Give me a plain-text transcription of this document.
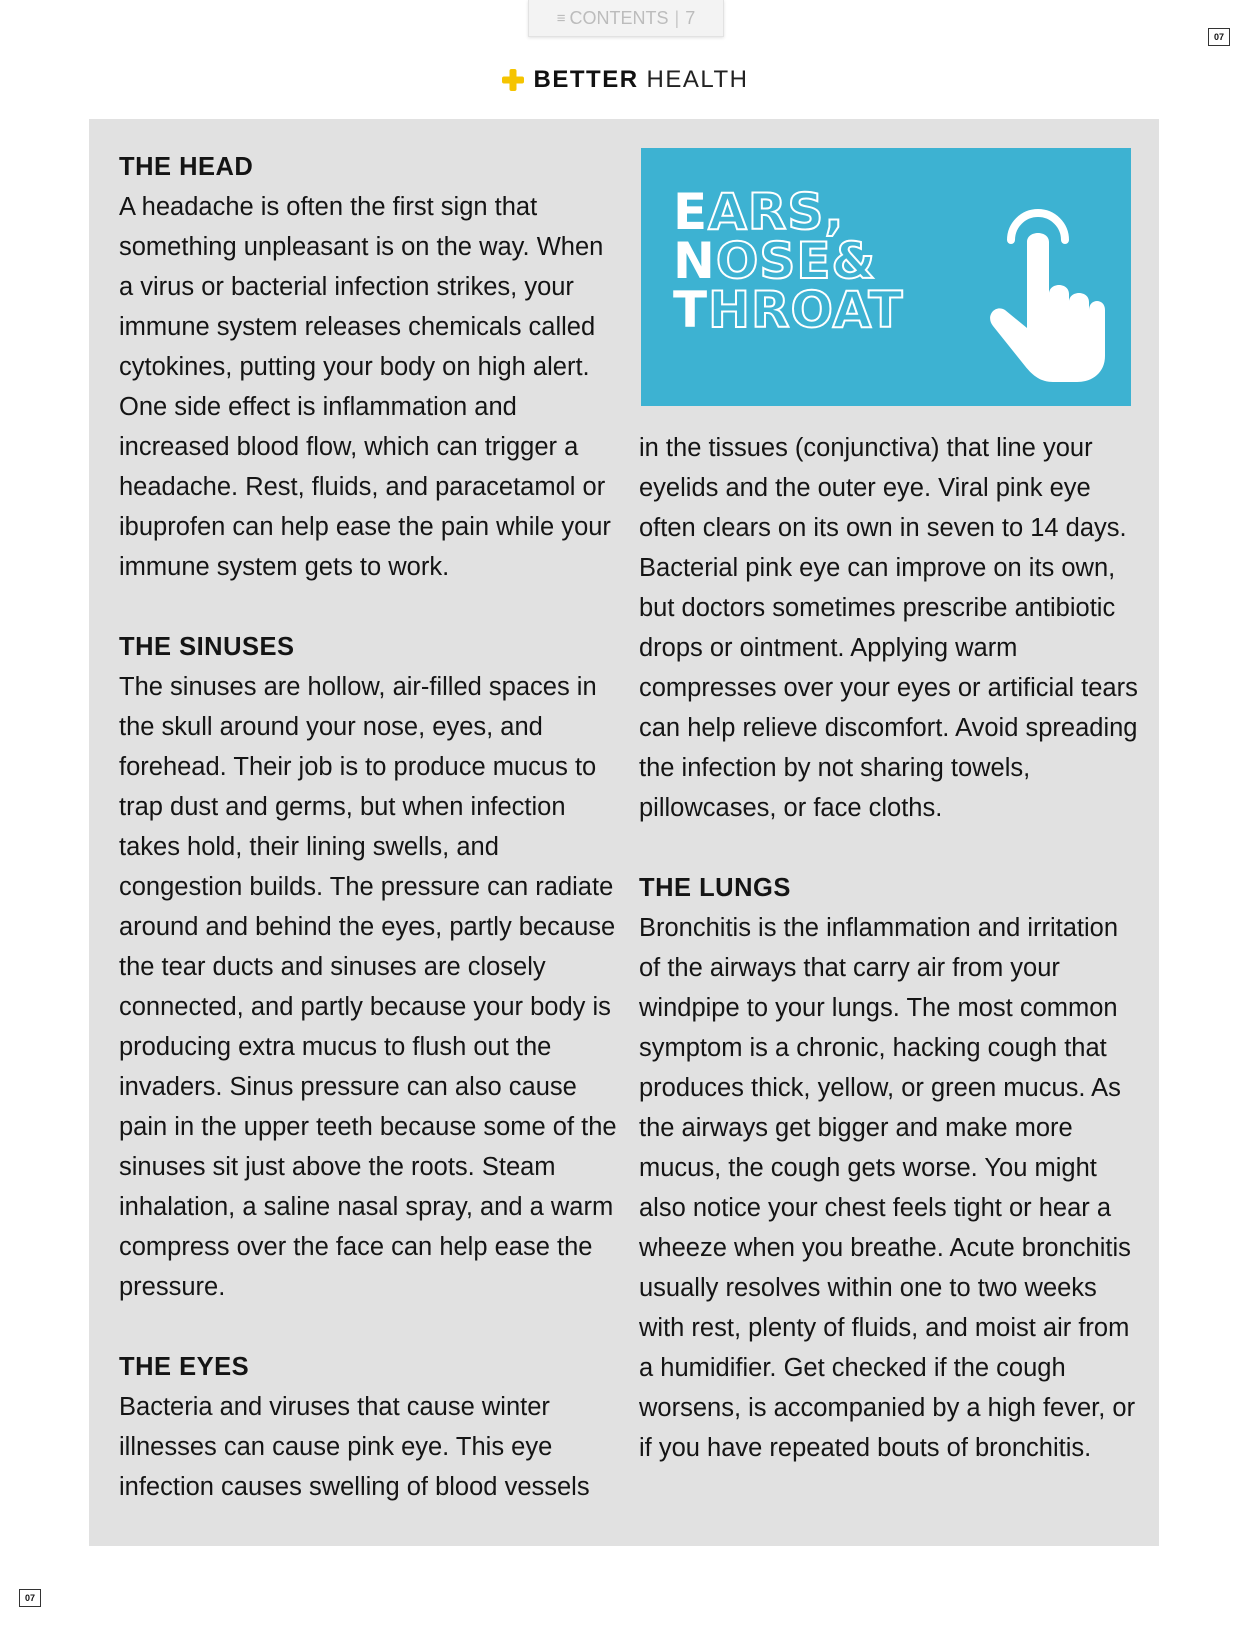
≡ CONTENTS | 7
07
BETTER HEALTH
THE HEAD

A headache is often the first sign that something unpleasant is on the way. When a virus or bacterial infection strikes, your immune system releases chemicals called cytokines, putting your body on high alert. One side effect is inflammation and increased blood flow, which can trigger a headache. Rest, fluids, and paracetamol or ibuprofen can help ease the pain while your immune system gets to work.

THE SINUSES

The sinuses are hollow, air-filled spaces in the skull around your nose, eyes, and forehead. Their job is to produce mucus to trap dust and germs, but when infection takes hold, their lining swells, and congestion builds. The pressure can radiate around and behind the eyes, partly because the tear ducts and sinuses are closely connected, and partly because your body is producing extra mucus to flush out the invaders. Sinus pressure can also cause pain in the upper teeth because some of the sinuses sit just above the roots. Steam inhalation, a saline nasal spray, and a warm compress over the face can help ease the pressure.

THE EYES

Bacteria and viruses that cause winter illnesses can cause pink eye. This eye infection causes swelling of blood vessels

EARS,
NOSE&
THROAT

in the tissues (conjunctiva) that line your eyelids and the outer eye. Viral pink eye often clears on its own in seven to 14 days. Bacterial pink eye can improve on its own, but doctors sometimes prescribe antibiotic drops or ointment. Applying warm compresses over your eyes or artificial tears can help relieve discomfort. Avoid spreading the infection by not sharing towels, pillowcases, or face cloths.

THE LUNGS

Bronchitis is the inflammation and irritation of the airways that carry air from your windpipe to your lungs. The most common symptom is a chronic, hacking cough that produces thick, yellow, or green mucus. As the airways get bigger and make more mucus, the cough gets worse. You might also notice your chest feels tight or hear a wheeze when you breathe. Acute bronchitis usually resolves within one to two weeks with rest, plenty of fluids, and moist air from a humidifier. Get checked if the cough worsens, is accompanied by a high fever, or if you have repeated bouts of bronchitis.

07
